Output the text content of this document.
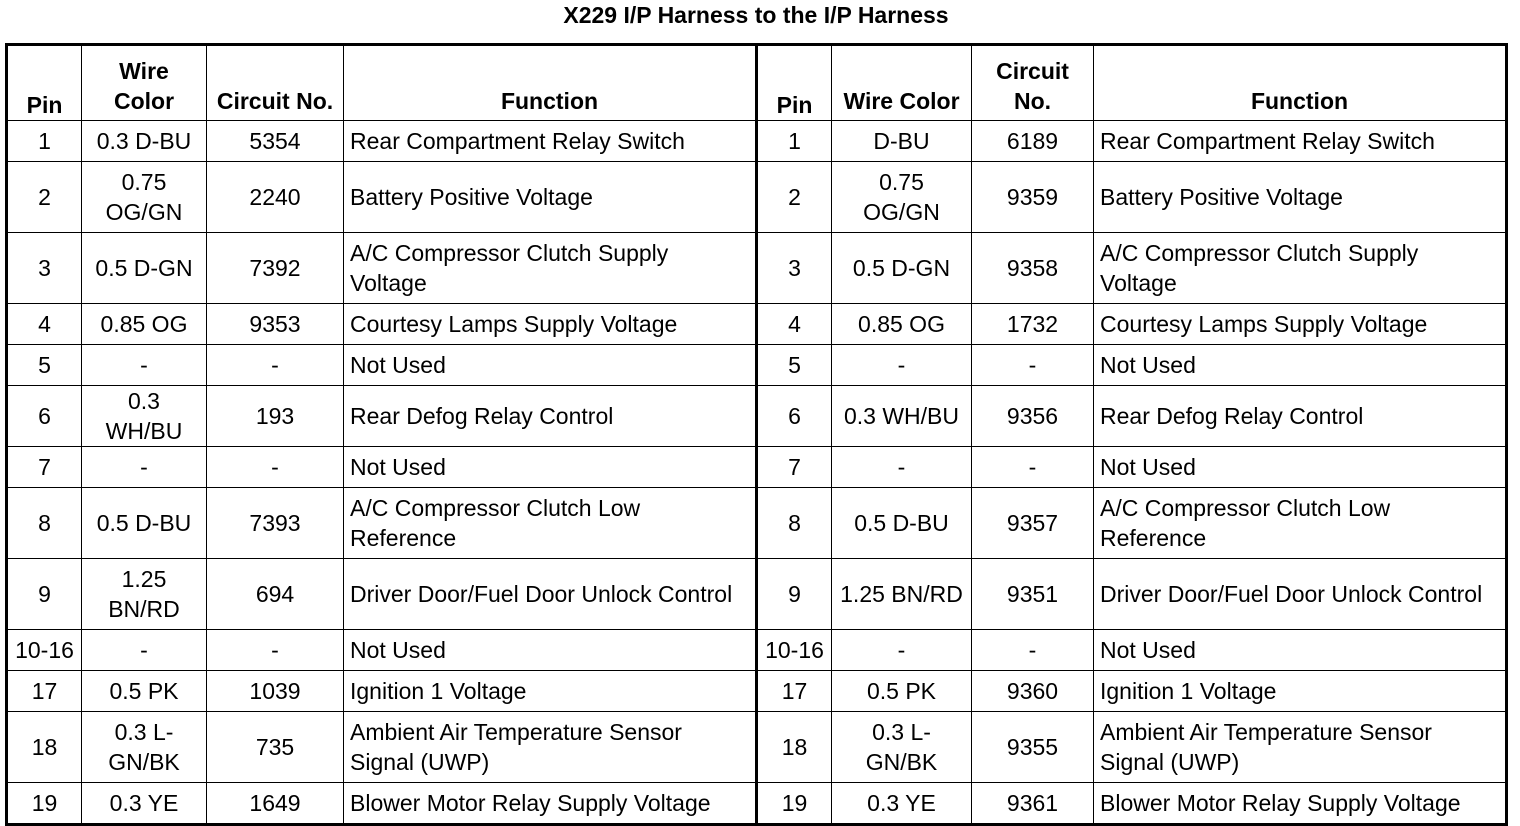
X229 I/P Harness to the I/P Harness
Pin	Wire Color	Circuit No.	Function	Pin	Wire Color	Circuit No.	Function
1	0.3 D-BU	5354	Rear Compartment Relay Switch	1	D-BU	6189	Rear Compartment Relay Switch
2	0.75 OG/GN	2240	Battery Positive Voltage	2	0.75 OG/GN	9359	Battery Positive Voltage
3	0.5 D-GN	7392	A/C Compressor Clutch Supply Voltage	3	0.5 D-GN	9358	A/C Compressor Clutch Supply Voltage
4	0.85 OG	9353	Courtesy Lamps Supply Voltage	4	0.85 OG	1732	Courtesy Lamps Supply Voltage
5	-	-	Not Used	5	-	-	Not Used
6	0.3 WH/BU	193	Rear Defog Relay Control	6	0.3 WH/BU	9356	Rear Defog Relay Control
7	-	-	Not Used	7	-	-	Not Used
8	0.5 D-BU	7393	A/C Compressor Clutch Low Reference	8	0.5 D-BU	9357	A/C Compressor Clutch Low Reference
9	1.25 BN/RD	694	Driver Door/Fuel Door Unlock Control	9	1.25 BN/RD	9351	Driver Door/Fuel Door Unlock Control
10-16	-	-	Not Used	10-16	-	-	Not Used
17	0.5 PK	1039	Ignition 1 Voltage	17	0.5 PK	9360	Ignition 1 Voltage
18	0.3 L-GN/BK	735	Ambient Air Temperature Sensor Signal (UWP)	18	0.3 L-GN/BK	9355	Ambient Air Temperature Sensor Signal (UWP)
19	0.3 YE	1649	Blower Motor Relay Supply Voltage	19	0.3 YE	9361	Blower Motor Relay Supply Voltage
